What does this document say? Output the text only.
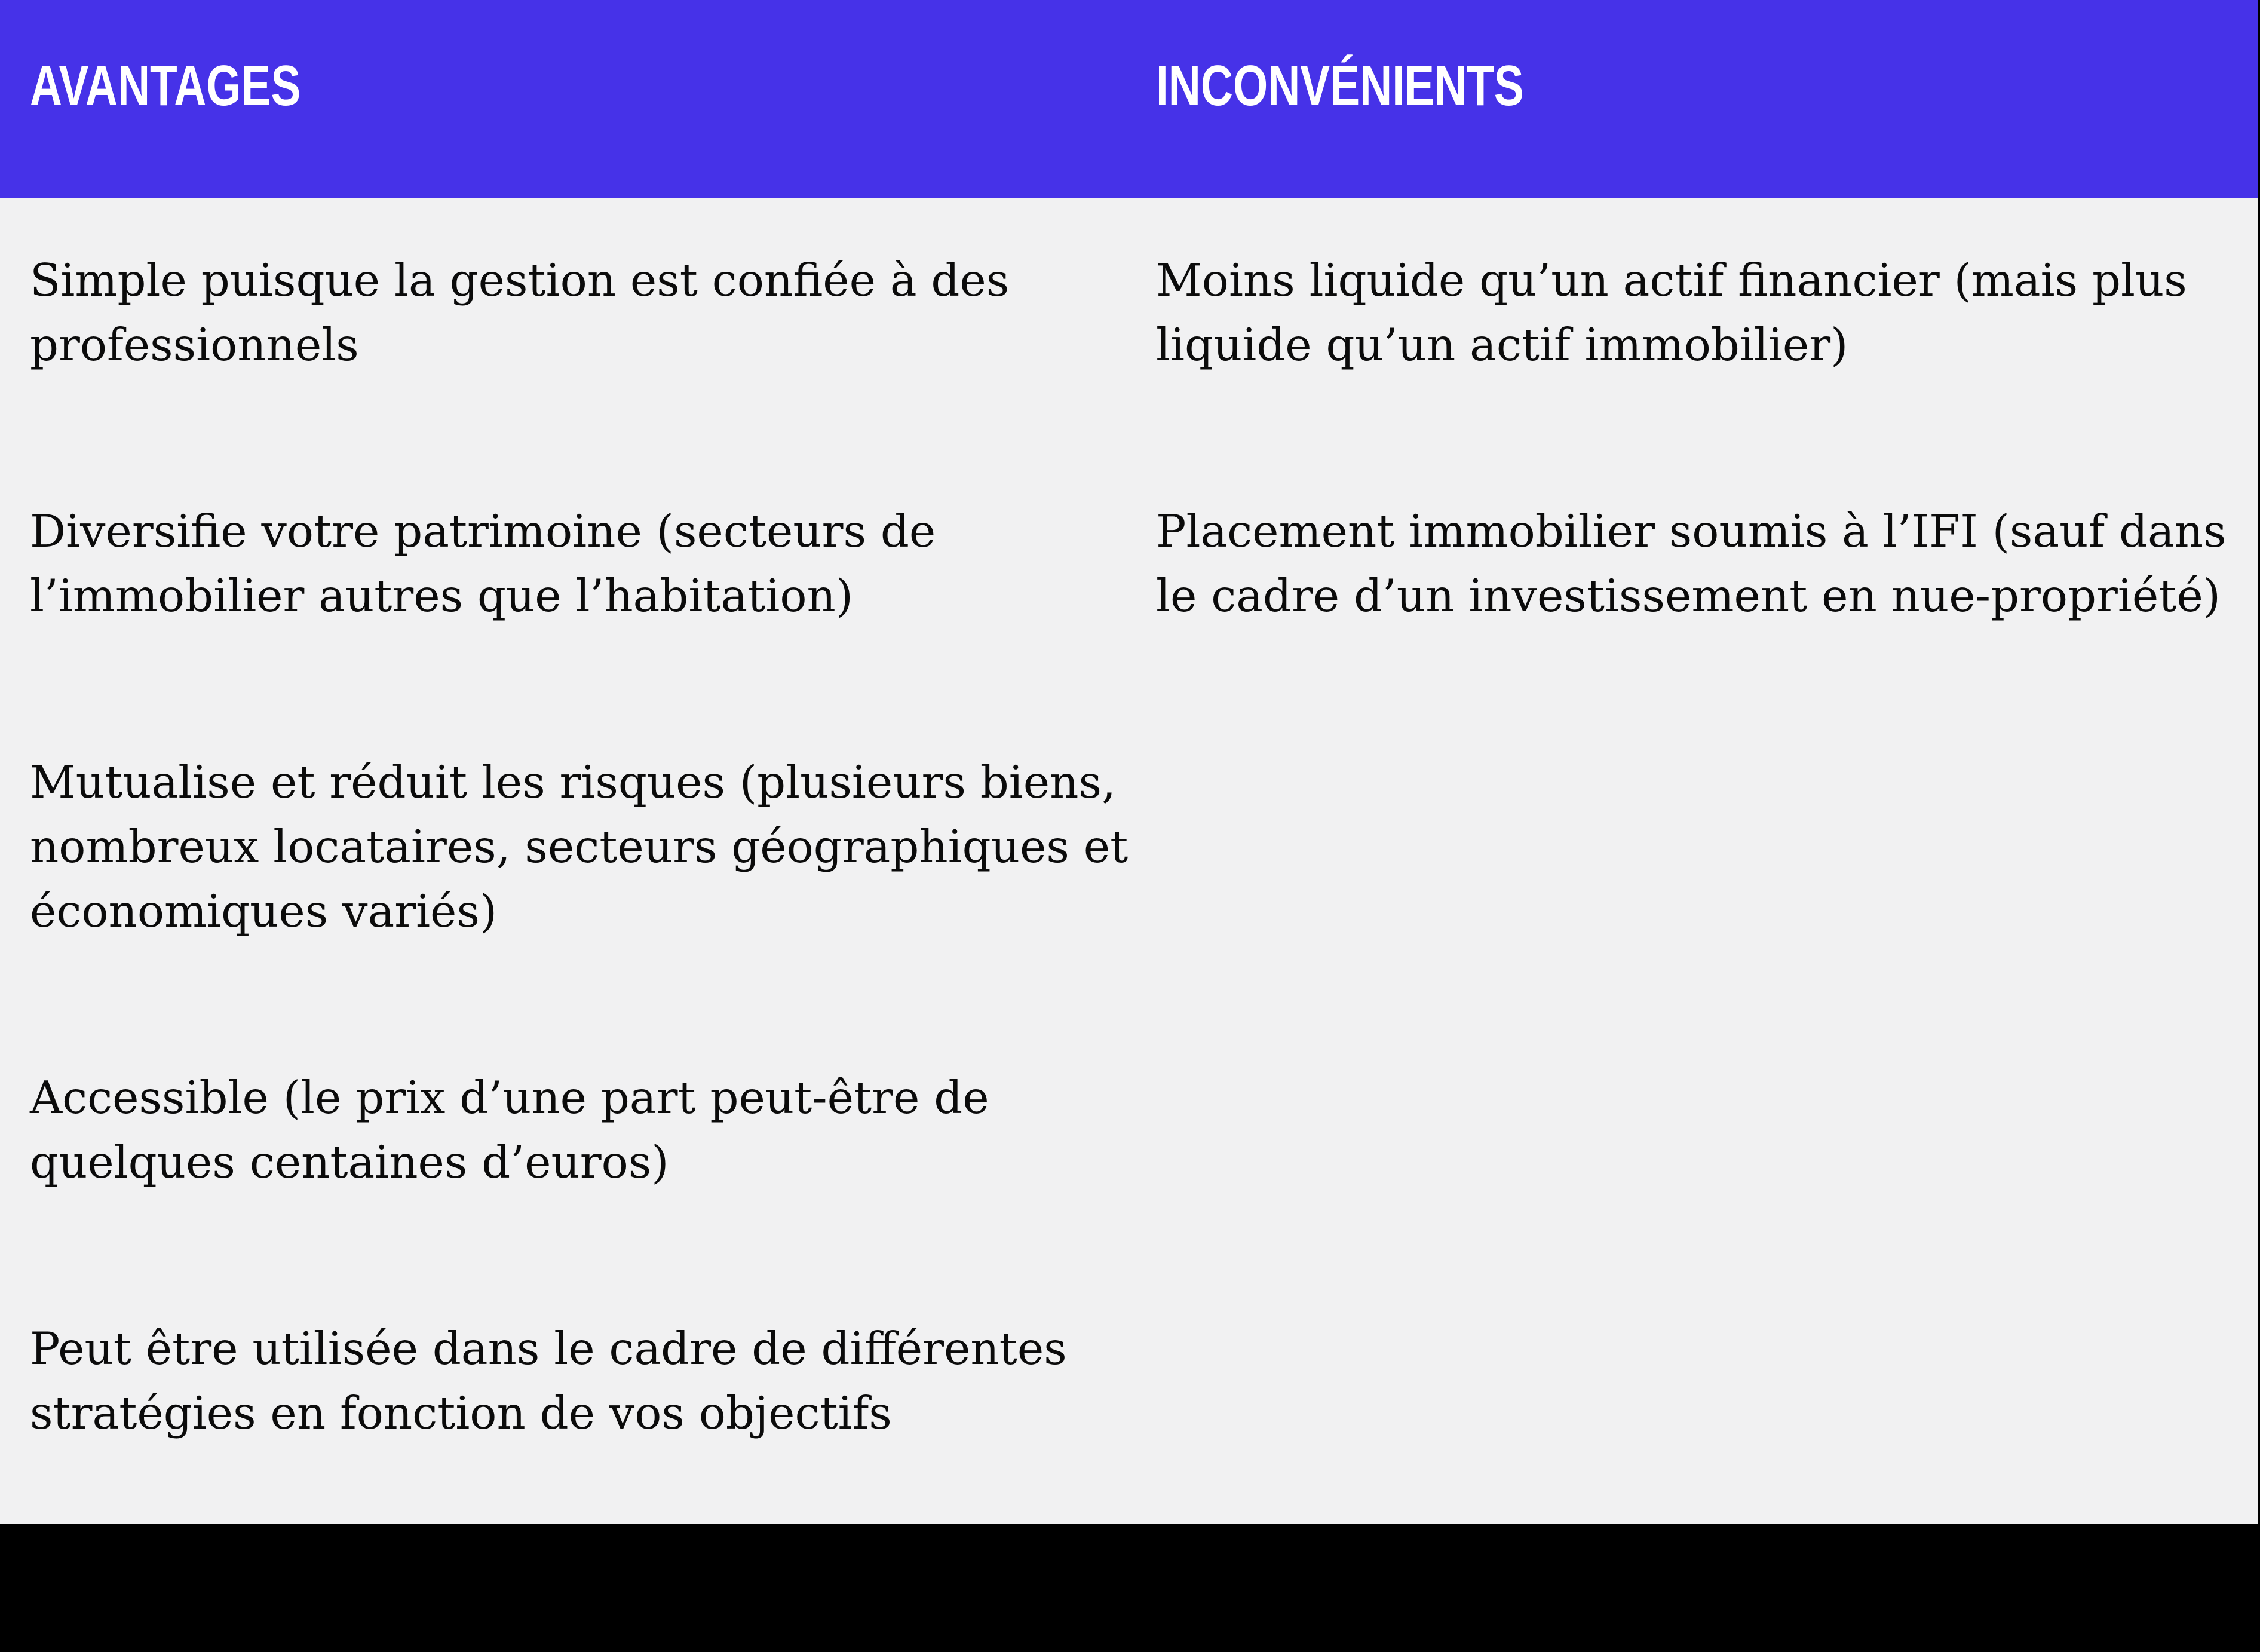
AVANTAGES	INCONVÉNIENTS
Simple puisque la gestion est confiée à des
professionnels
Diversifie votre patrimoine (secteurs de
l’immobilier autres que l’habitation)
Mutualise et réduit les risques (plusieurs biens,
nombreux locataires, secteurs géographiques et
économiques variés)
Accessible (le prix d’une part peut-être de
quelques centaines d’euros)
Peut être utilisée dans le cadre de différentes
stratégies en fonction de vos objectifs
Moins liquide qu’un actif financier (mais plus
liquide qu’un actif immobilier)
Placement immobilier soumis à l’IFI (sauf dans
le cadre d’un investissement en nue-propriété)
